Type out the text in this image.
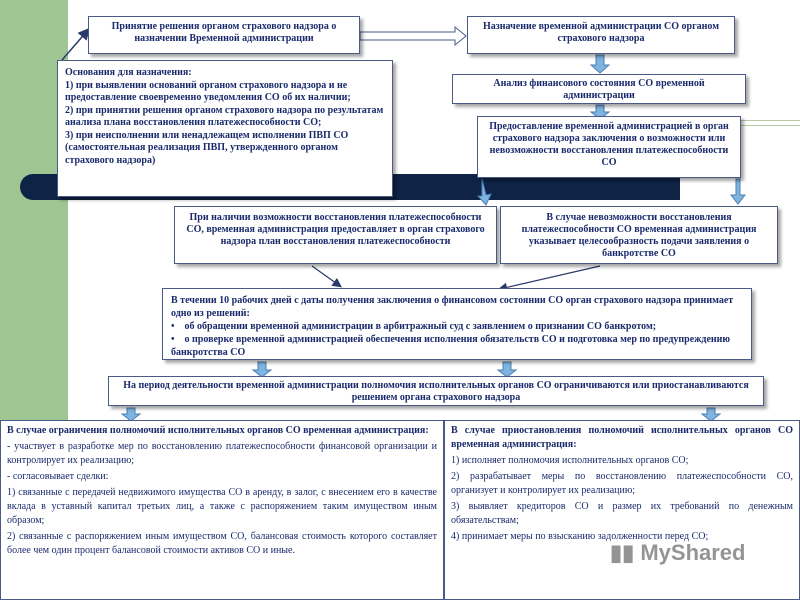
Принятие решения органом страхового надзора о назначении Временной администрации

Назначение временной администрации СО органом страхового надзора

Основания для назначения:

1) при выявлении оснований органом страхового надзора и не предоставление своевременно уведомления СО об их наличии;

2) при принятии решения органом страхового надзора по результатам анализа плана восстановления платежеспособности СО;

3) при неисполнении или ненадлежащем исполнении ПВП СО (самостоятельная реализация ПВП, утвержденного органом страхового надзора)

Анализ финансового состояния СО временной администрации

Предоставление временной администрацией в орган страхового надзора заключения о возможности или невозможности восстановления платежеспособности СО

При наличии возможности восстановления платежеспособности СО, временная администрация предоставляет в орган страхового надзора план восстановления платежеспособности

В случае невозможности восстановления платежеспособности СО временная администрация указывает целесообразность подачи заявления о банкротстве СО

В течении 10 рабочих дней с даты получения заключения о финансовом состоянии СО орган страхового надзора принимает одно из решений:

•    об обращении временной администрации в арбитражный суд с заявлением о признании СО банкротом;

•    о проверке временной администрацией обеспечения исполнения обязательств СО и подготовка мер по предупреждению банкротства СО

На период деятельности временной администрации полномочия исполнительных органов СО ограничиваются или приостанавливаются решением органа страхового надзора

В случае ограничения полномочий исполнительных органов СО временная администрация:

- участвует в разработке мер по восстановлению платежеспособности финансовой организации и контролирует их реализацию;

- согласовывает сделки:

1) связанные с передачей недвижимого имущества СО в аренду, в залог, с внесением его в качестве вклада в уставный капитал третьих лиц, а также с распоряжением таким имуществом иным образом;

2) связанные с распоряжением иным имуществом СО, балансовая стоимость которого составляет более чем один процент балансовой стоимости активов СО и иные.

В случае приостановления полномочий исполнительных органов СО временная администрация:

1) исполняет полномочия исполнительных органов СО;

2) разрабатывает меры по восстановлению платежеспособности СО, организует и контролирует их реализацию;

3) выявляет кредиторов СО и размер их требований по денежным обязательствам;

4) принимает меры по взысканию задолженности перед СО;

▮▮ MyShared
